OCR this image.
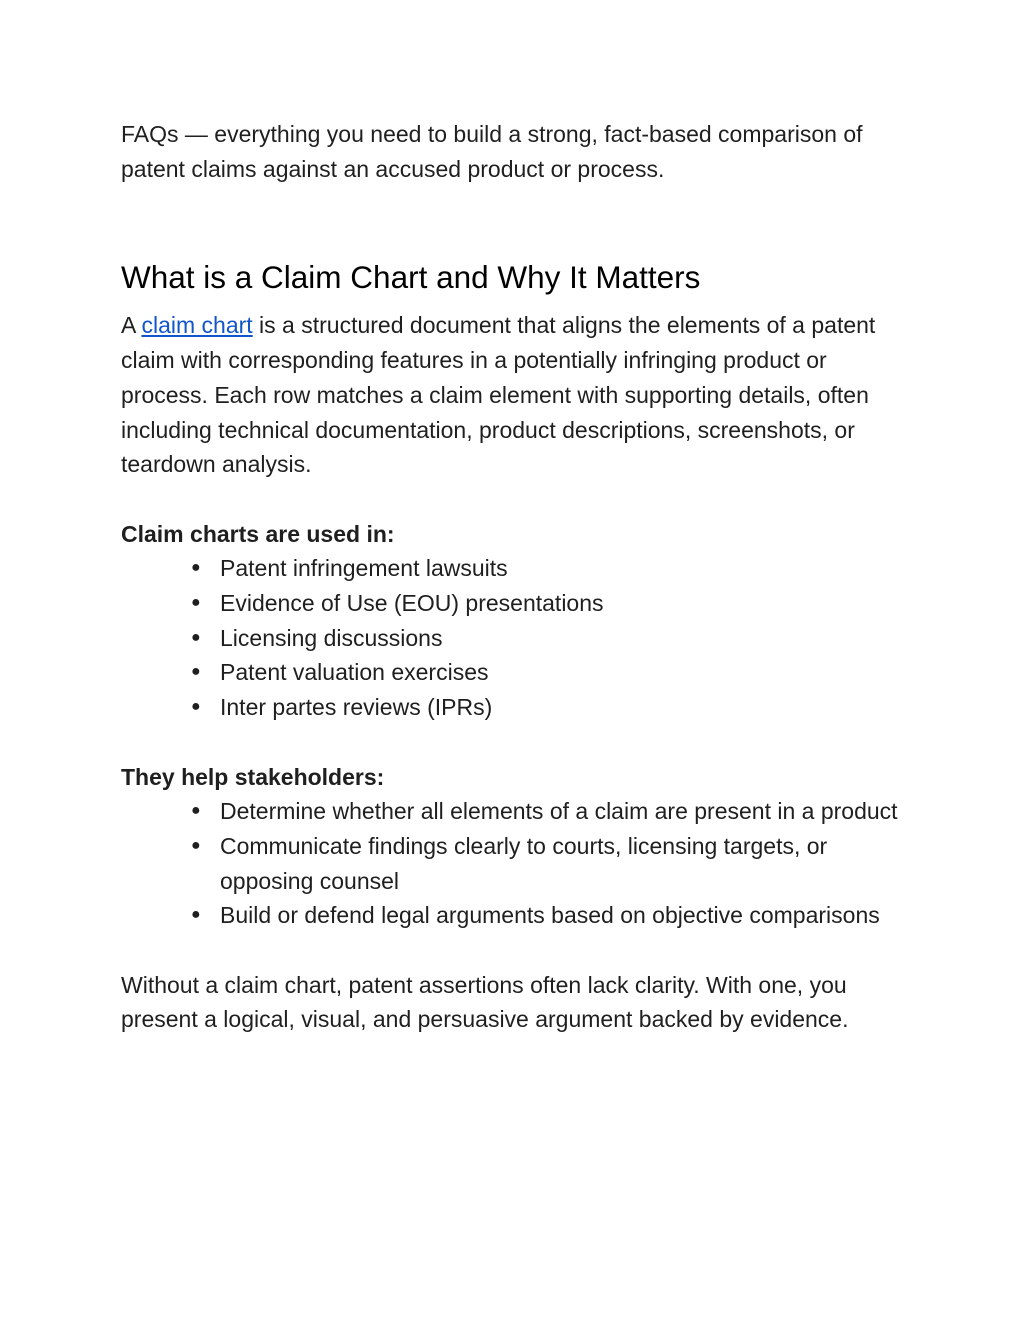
FAQs — everything you need to build a strong, fact-based comparison of patent claims against an accused product or process.

What is a Claim Chart and Why It Matters

A claim chart is a structured document that aligns the elements of a patent claim with corresponding features in a potentially infringing product or process. Each row matches a claim element with supporting details, often including technical documentation, product descriptions, screenshots, or teardown analysis.

Claim charts are used in:

● Patent infringement lawsuits
● Evidence of Use (EOU) presentations
● Licensing discussions
● Patent valuation exercises
● Inter partes reviews (IPRs)

They help stakeholders:

● Determine whether all elements of a claim are present in a product
● Communicate findings clearly to courts, licensing targets, or opposing counsel
● Build or defend legal arguments based on objective comparisons

Without a claim chart, patent assertions often lack clarity. With one, you present a logical, visual, and persuasive argument backed by evidence.
